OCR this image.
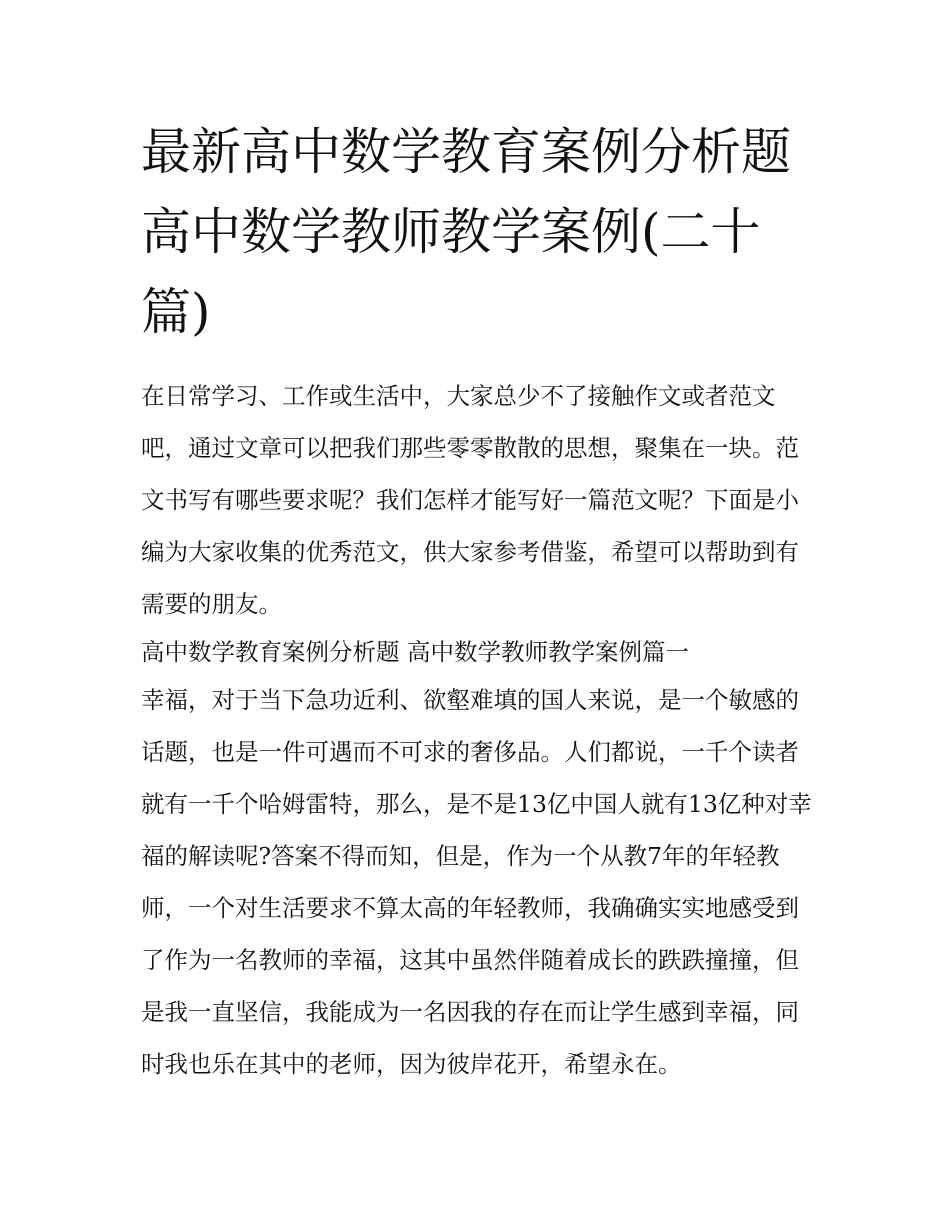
最新高中数学教育案例分析题 高中数学教师教学案例(二十篇)

在日常学习、工作或生活中，大家总少不了接触作文或者范文吧，通过文章可以把我们那些零零散散的思想，聚集在一块。范文书写有哪些要求呢？我们怎样才能写好一篇范文呢？下面是小编为大家收集的优秀范文，供大家参考借鉴，希望可以帮助到有需要的朋友。

高中数学教育案例分析题 高中数学教师教学案例篇一

幸福，对于当下急功近利、欲壑难填的国人来说，是一个敏感的话题，也是一件可遇而不可求的奢侈品。人们都说，一千个读者就有一千个哈姆雷特，那么，是不是13亿中国人就有13亿种对幸福的解读呢?答案不得而知，但是，作为一个从教7年的年轻教师，一个对生活要求不算太高的年轻教师，我确确实实地感受到了作为一名教师的幸福，这其中虽然伴随着成长的跌跌撞撞，但是我一直坚信，我能成为一名因我的存在而让学生感到幸福，同时我也乐在其中的老师，因为彼岸花开，希望永在。
